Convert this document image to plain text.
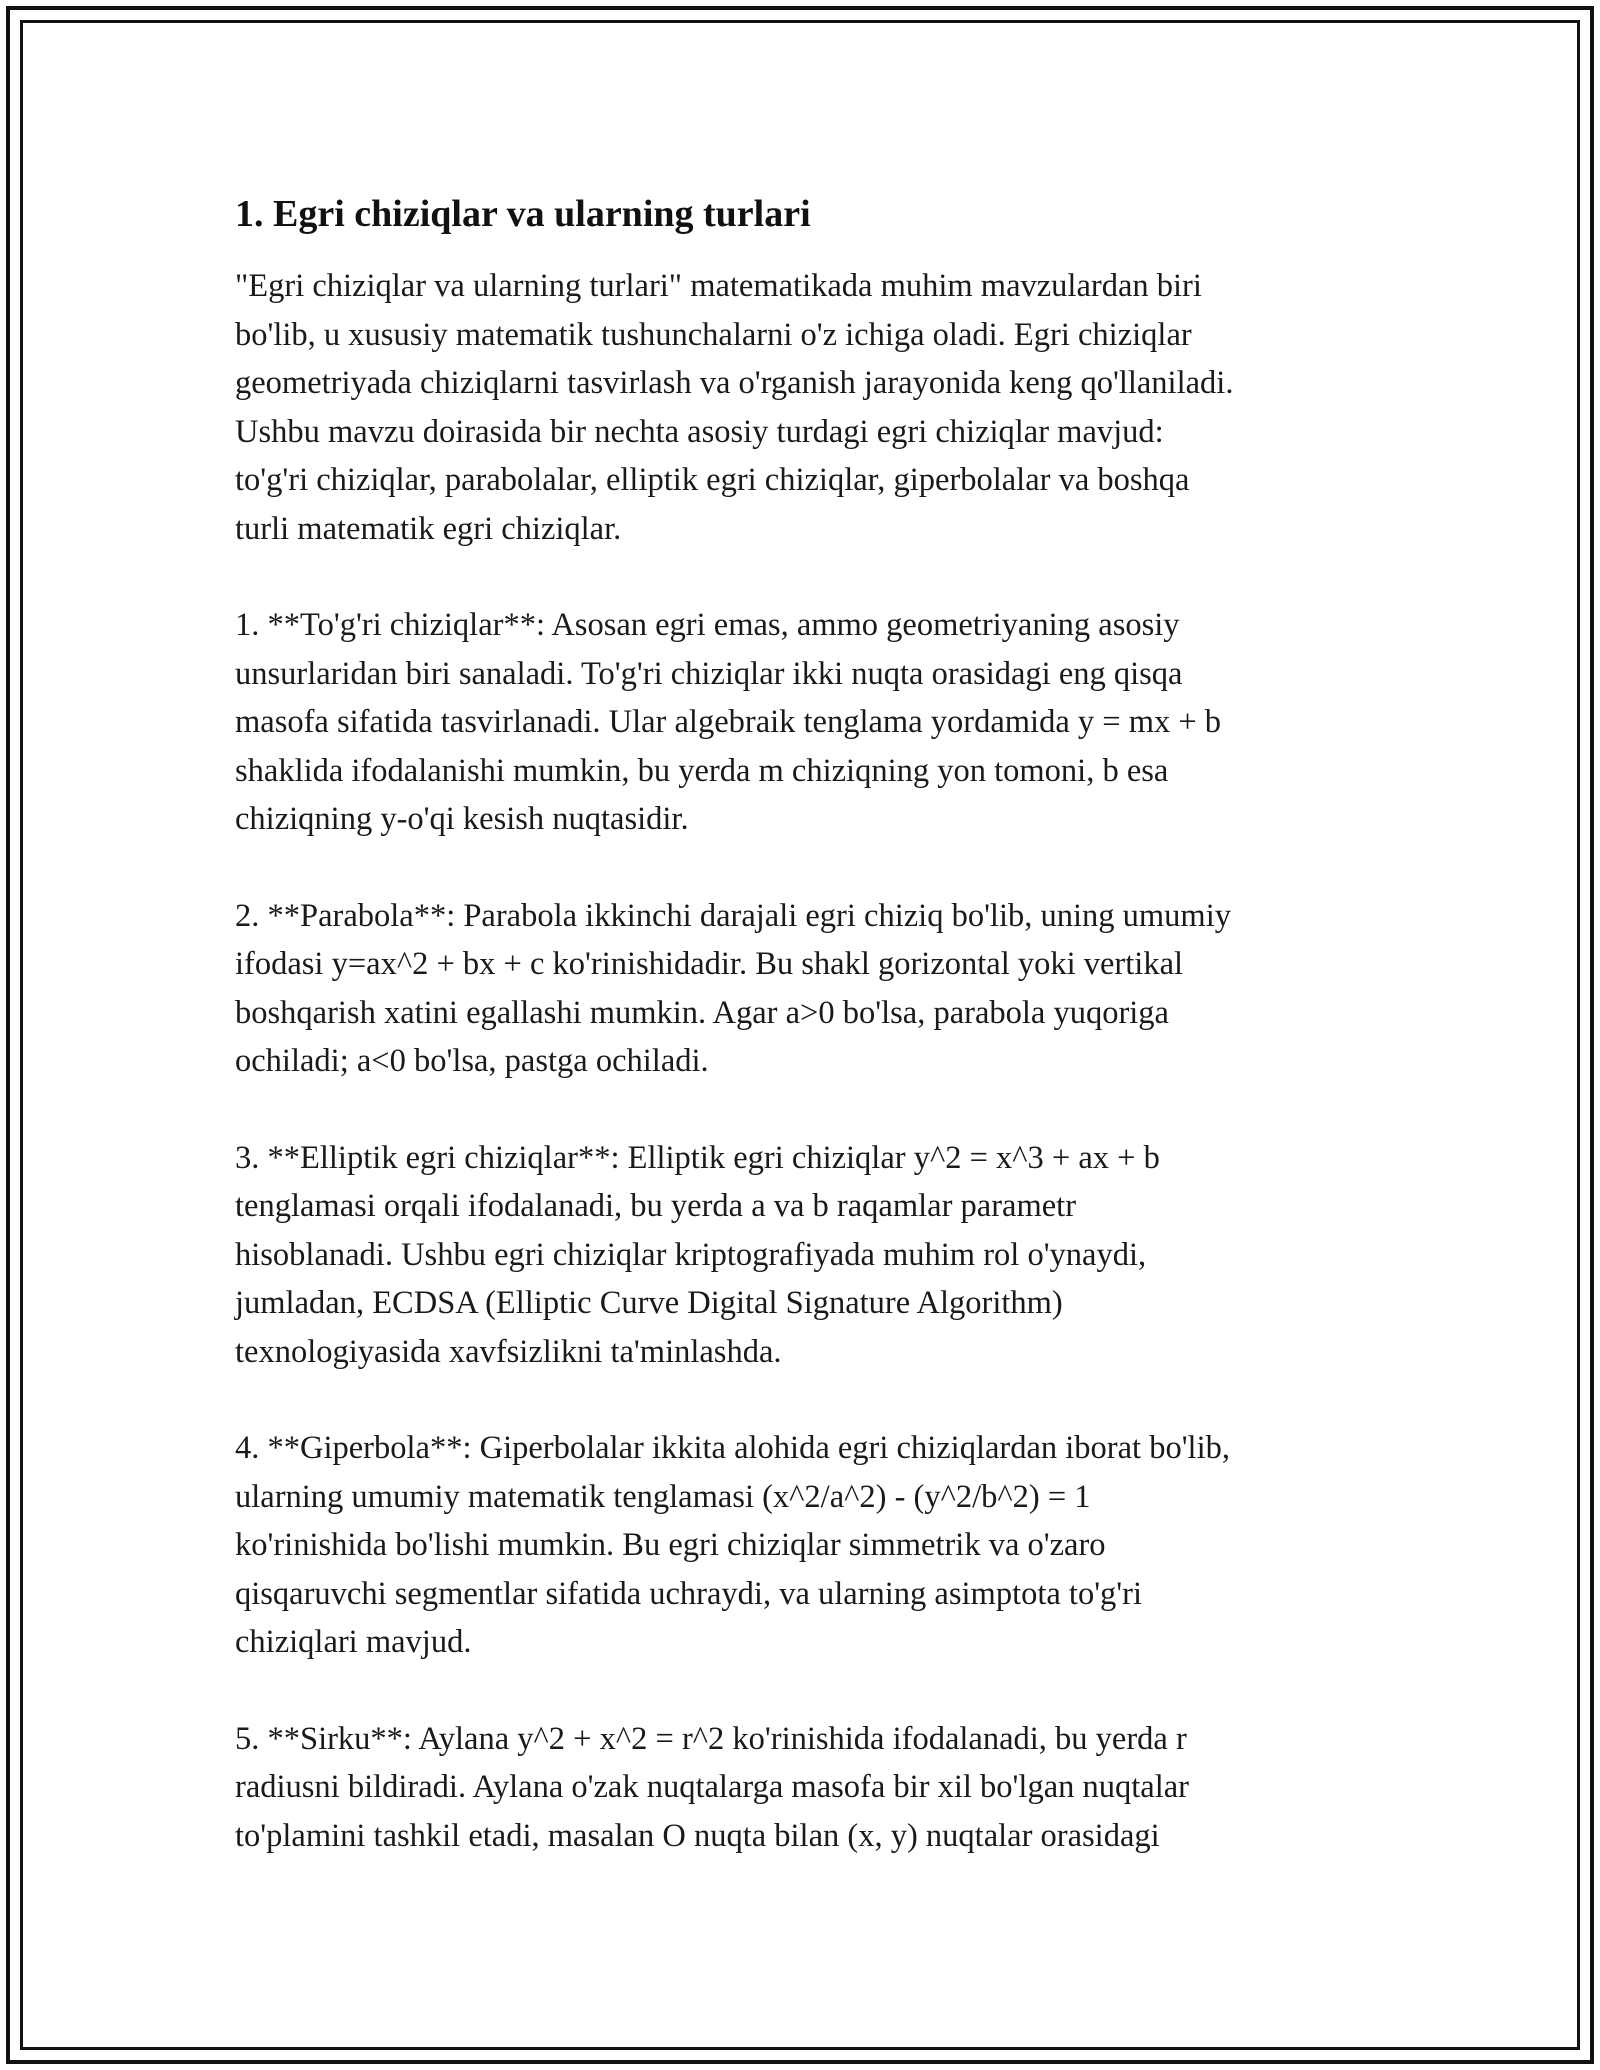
1. Egri chiziqlar va ularning turlari

"Egri chiziqlar va ularning turlari" matematikada muhim mavzulardan biri
bo'lib, u xususiy matematik tushunchalarni o'z ichiga oladi. Egri chiziqlar
geometriyada chiziqlarni tasvirlash va o'rganish jarayonida keng qo'llaniladi.
Ushbu mavzu doirasida bir nechta asosiy turdagi egri chiziqlar mavjud:
to'g'ri chiziqlar, parabolalar, elliptik egri chiziqlar, giperbolalar va boshqa
turli matematik egri chiziqlar.

1. **To'g'ri chiziqlar**: Asosan egri emas, ammo geometriyaning asosiy
unsurlaridan biri sanaladi. To'g'ri chiziqlar ikki nuqta orasidagi eng qisqa
masofa sifatida tasvirlanadi. Ular algebraik tenglama yordamida y = mx + b
shaklida ifodalanishi mumkin, bu yerda m chiziqning yon tomoni, b esa
chiziqning y-o'qi kesish nuqtasidir.

2. **Parabola**: Parabola ikkinchi darajali egri chiziq bo'lib, uning umumiy
ifodasi y=ax^2 + bx + c ko'rinishidadir. Bu shakl gorizontal yoki vertikal
boshqarish xatini egallashi mumkin. Agar a>0 bo'lsa, parabola yuqoriga
ochiladi; a<0 bo'lsa, pastga ochiladi.

3. **Elliptik egri chiziqlar**: Elliptik egri chiziqlar y^2 = x^3 + ax + b
tenglamasi orqali ifodalanadi, bu yerda a va b raqamlar parametr
hisoblanadi. Ushbu egri chiziqlar kriptografiyada muhim rol o'ynaydi,
jumladan, ECDSA (Elliptic Curve Digital Signature Algorithm)
texnologiyasida xavfsizlikni ta'minlashda.

4. **Giperbola**: Giperbolalar ikkita alohida egri chiziqlardan iborat bo'lib,
ularning umumiy matematik tenglamasi (x^2/a^2) - (y^2/b^2) = 1
ko'rinishida bo'lishi mumkin. Bu egri chiziqlar simmetrik va o'zaro
qisqaruvchi segmentlar sifatida uchraydi, va ularning asimptota to'g'ri
chiziqlari mavjud.

5. **Sirku**: Aylana y^2 + x^2 = r^2 ko'rinishida ifodalanadi, bu yerda r
radiusni bildiradi. Aylana o'zak nuqtalarga masofa bir xil bo'lgan nuqtalar
to'plamini tashkil etadi, masalan O nuqta bilan (x, y) nuqtalar orasidagi
